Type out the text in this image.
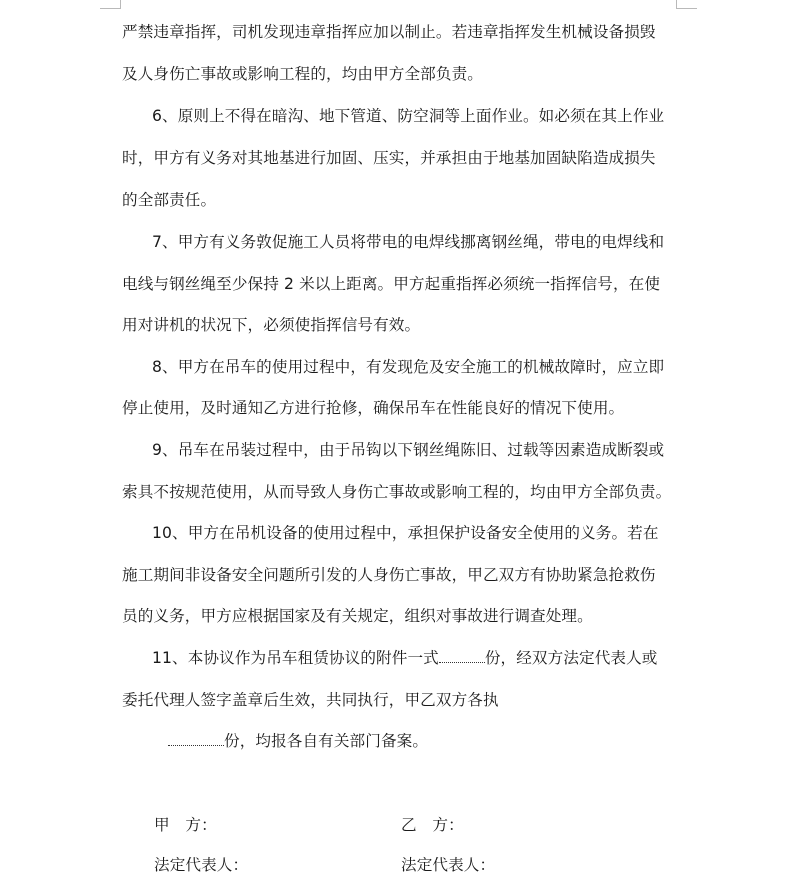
严禁违章指挥，司机发现违章指挥应加以制止。若违章指挥发生机械设备损毁
及人身伤亡事故或影响工程的，均由甲方全部负责。
6、原则上不得在暗沟、地下管道、防空洞等上面作业。如必须在其上作业
时，甲方有义务对其地基进行加固、压实，并承担由于地基加固缺陷造成损失
的全部责任。
7、甲方有义务敦促施工人员将带电的电焊线挪离钢丝绳，带电的电焊线和
电线与钢丝绳至少保持 2 米以上距离。甲方起重指挥必须统一指挥信号，在使
用对讲机的状况下，必须使指挥信号有效。
8、甲方在吊车的使用过程中，有发现危及安全施工的机械故障时，应立即
停止使用，及时通知乙方进行抢修，确保吊车在性能良好的情况下使用。
9、吊车在吊装过程中，由于吊钩以下钢丝绳陈旧、过载等因素造成断裂或
索具不按规范使用，从而导致人身伤亡事故或影响工程的，均由甲方全部负责。
10、甲方在吊机设备的使用过程中，承担保护设备安全使用的义务。若在
施工期间非设备安全问题所引发的人身伤亡事故，甲乙双方有协助紧急抢救伤
员的义务，甲方应根据国家及有关规定，组织对事故进行调查处理。
11、本协议作为吊车租赁协议的附件一式	份，经双方法定代表人或
委托代理人签字盖章后生效，共同执行，甲乙双方各执
份，均报各自有关部门备案。
甲　方：	乙　方：
法定代表人：	法定代表人：
